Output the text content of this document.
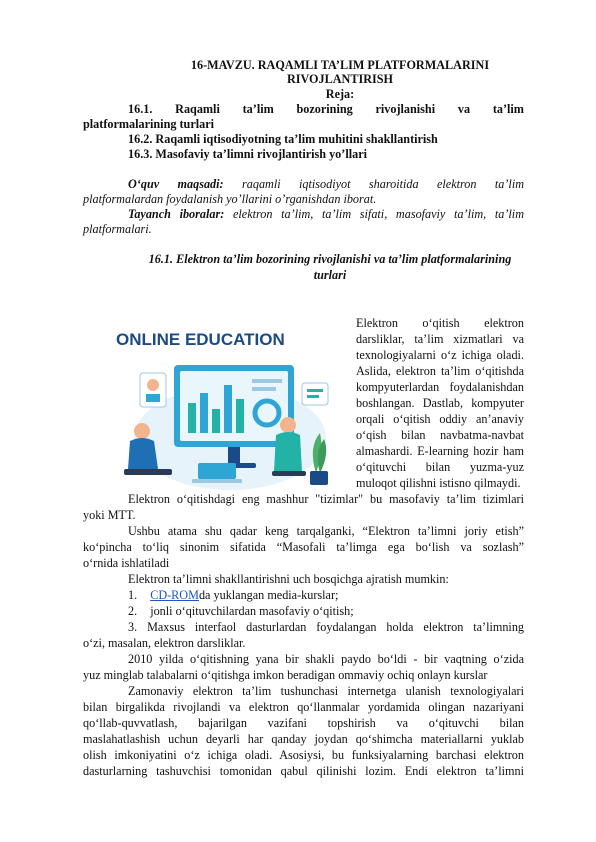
16-MAVZU. RAQAMLI TA’LIM PLATFORMALARINI
RIVOJLANTIRISH
Reja:
16.1. Raqamli ta’lim bozorining rivojlanishi va ta’lim
platformalarining turlari
16.2. Raqamli iqtisodiyotning ta’lim muhitini shakllantirish
16.3. Masofaviy ta’limni rivojlantirish yo’llari
O‘quv maqsadi: raqamli iqtisodiyot sharoitida elektron ta’lim
platformalardan foydalanish yo’llarini o’rganishdan iborat.
Tayanch iboralar: elektron ta’lim, ta’lim sifati, masofaviy ta’lim, ta’lim
platformalari.
16.1. Elektron ta’lim bozorining rivojlanishi va ta’lim platformalarining
turlari
ONLINE EDUCATION
Elektron o‘qitish elektron
darsliklar, ta’lim xizmatlari va
texnologiyalarni o‘z ichiga oladi.
Aslida, elektron ta’lim o‘qitishda
kompyuterlardan foydalanishdan
boshlangan. Dastlab, kompyuter
orqali o‘qitish oddiy an’anaviy
o‘qish bilan navbatma-navbat
almashardi. E-learning hozir ham
o‘qituvchi bilan yuzma-yuz
muloqot qilishni istisno qilmaydi.
Elektron o‘qitishdagi eng mashhur "tizimlar" bu masofaviy ta’lim tizimlari
yoki MTT.
Ushbu atama shu qadar keng tarqalganki, “Elektron ta’limni joriy etish”
ko‘pincha to‘liq sinonim sifatida “Masofali ta’limga ega bo‘lish va sozlash”
o‘rnida ishlatiladi
Elektron ta’limni shakllantirishni uch bosqichga ajratish mumkin:
1. CD-ROMda yuklangan media-kurslar;
2. jonli o‘qituvchilardan masofaviy o‘qitish;
3. Maxsus interfaol dasturlardan foydalangan holda elektron ta’limning
o‘zi, masalan, elektron darsliklar.
2010 yilda o‘qitishning yana bir shakli paydo bo‘ldi - bir vaqtning o‘zida
yuz minglab talabalarni o‘qitishga imkon beradigan ommaviy ochiq onlayn kurslar
Zamonaviy elektron ta’lim tushunchasi internetga ulanish texnologiyalari
bilan birgalikda rivojlandi va elektron qo‘llanmalar yordamida olingan nazariyani
qo‘llab-quvvatlash, bajarilgan vazifani topshirish va o‘qituvchi bilan
maslahatlashish uchun deyarli har qanday joydan qo‘shimcha materiallarni yuklab
olish imkoniyatini o‘z ichiga oladi. Asosiysi, bu funksiyalarning barchasi elektron
dasturlarning tashuvchisi tomonidan qabul qilinishi lozim. Endi elektron ta’limni
